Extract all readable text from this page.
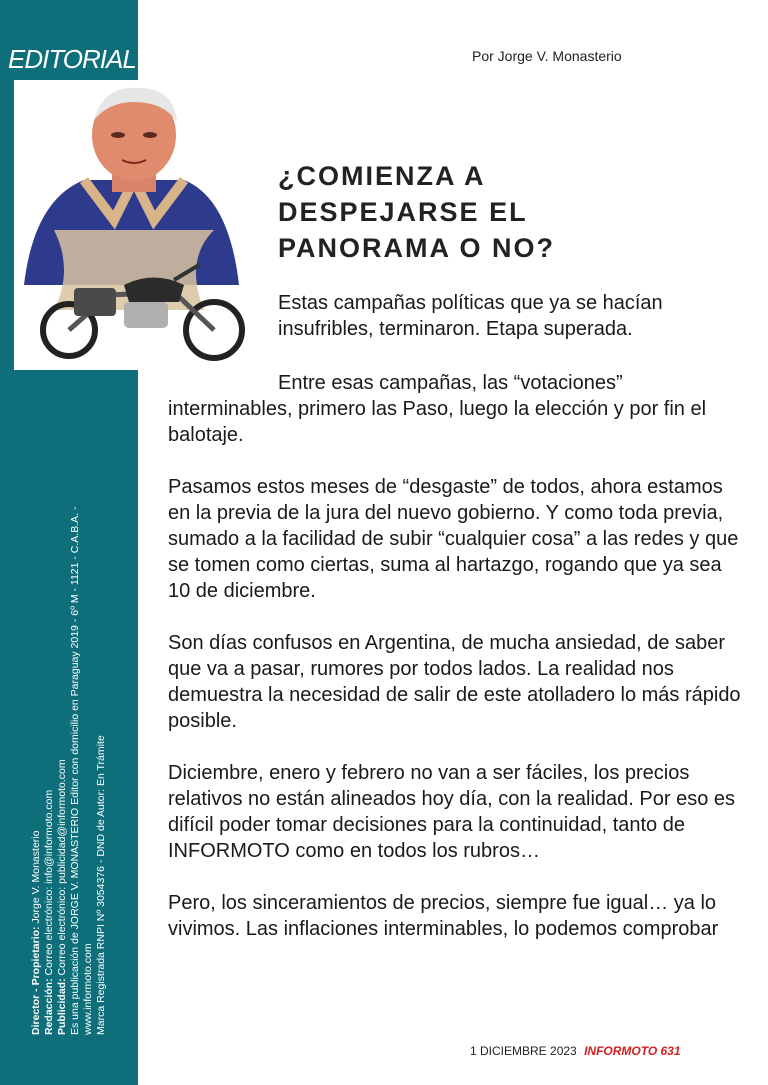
EDITORIAL
Director - Propietario: Jorge V. Monasterio
Redacción: Correo electrónico: info@informoto.com
Publicidad: Correo electrónico: publicidad@informoto.com Es una publicación de JORGE V. MONASTERIO Editor con domicilio en Paraguay 2019 - 6º M - 1121 - C.A.B.A. - www.informoto.com Marca Registrada RNPI Nº 3054376 - DND de Autor: En Trámite
Por Jorge V. Monasterio
¿COMIENZA A DESPEJARSE EL PANORAMA O NO?

Estas campañas políticas que ya se hacían insufribles, terminaron. Etapa superada.

Entre esas campañas, las “votaciones” interminables, primero las Paso, luego la elección y por fin el balotaje.

Pasamos estos meses de “desgaste” de todos, ahora estamos en la previa de la jura del nuevo gobierno. Y como toda previa, sumado a la facilidad de subir “cualquier cosa” a las redes y que se tomen como ciertas, suma al hartazgo, rogando que ya sea 10 de diciembre.

Son días confusos en Argentina, de mucha ansiedad, de saber que va a pasar, rumores por todos lados. La realidad nos demuestra la necesidad de salir de este atolladero lo más rápido posible.

Diciembre, enero y febrero no van a ser fáciles, los precios relativos no están alineados hoy día, con la realidad. Por eso es difícil poder tomar decisiones para la continuidad, tanto de INFORMOTO como en todos los rubros…

Pero, los sinceramientos de precios, siempre fue igual… ya lo vivimos. Las inflaciones interminables, lo podemos comprobar

1 DICIEMBRE 2023 INFORMOTO 631
